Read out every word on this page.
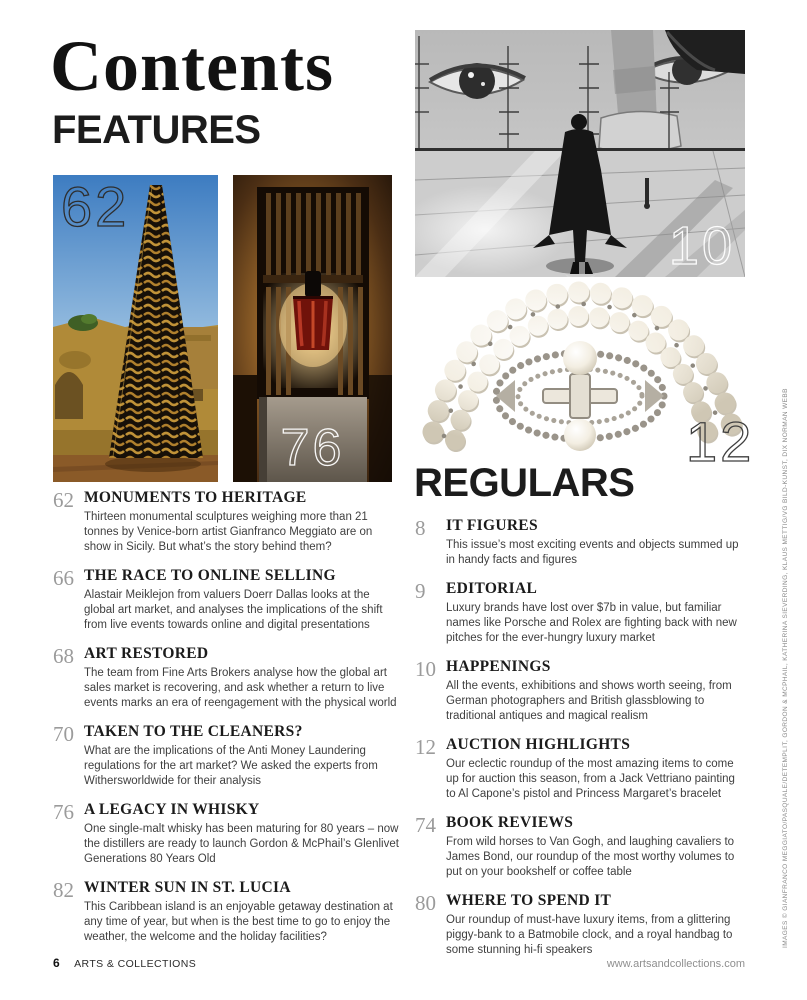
Contents
FEATURES
62
76
10
12
REGULARS
62 MONUMENTS TO HERITAGE

Thirteen monumental sculptures weighing more than 21 tonnes by Venice-born artist Gianfranco Meggiato are on show in Sicily. But what’s the story behind them?

66 THE RACE TO ONLINE SELLING

Alastair Meiklejon from valuers Doerr Dallas looks at the global art market, and analyses the implications of the shift from live events towards online and digital presentations

68 ART RESTORED

The team from Fine Arts Brokers analyse how the global art sales market is recovering, and ask whether a return to live events marks an era of reengagement with the physical world

70 TAKEN TO THE CLEANERS?

What are the implications of the Anti Money Laundering regulations for the art market? We asked the experts from Withersworldwide for their analysis

76 A LEGACY IN WHISKY

One single-malt whisky has been maturing for 80 years – now the distillers are ready to launch Gordon & McPhail’s Glenlivet Generations 80 Years Old

82 WINTER SUN IN ST. LUCIA

This Caribbean island is an enjoyable getaway destination at any time of year, but when is the best time to go to enjoy the weather, the welcome and the holiday facilities?

8	IT FIGURES

This issue’s most exciting events and objects summed up in handy facts and figures

9	EDITORIAL

Luxury brands have lost over $7b in value, but familiar names like Porsche and Rolex are fighting back with new pitches for the ever-hungry luxury market

10 HAPPENINGS

All the events, exhibitions and shows worth seeing, from German photographers and British glassblowing to traditional antiques and magical realism

12 AUCTION HIGHLIGHTS

Our eclectic roundup of the most amazing items to come up for auction this season, from a Jack Vettriano painting to Al Capone’s pistol and Princess Margaret’s bracelet

74 BOOK REVIEWS

From wild horses to Van Gogh, and laughing cavaliers to James Bond, our roundup of the most worthy volumes to put on your bookshelf or coffee table

80 WHERE TO SPEND IT

Our roundup of must-have luxury items, from a glittering piggy-bank to a Batmobile clock, and a royal handbag to some stunning hi-fi speakers

6 ARTS & COLLECTIONS	www.artsandcollections.com
IMAGES © GIANFRANCO MEGGIATO/PASQUALE/DETEMPLIT, GORDON & MCPHAIL, KATHERINA SIEVERDING, KLAUS METTIG/VG BILD-KUNST, DIX NORMAN WEBB
